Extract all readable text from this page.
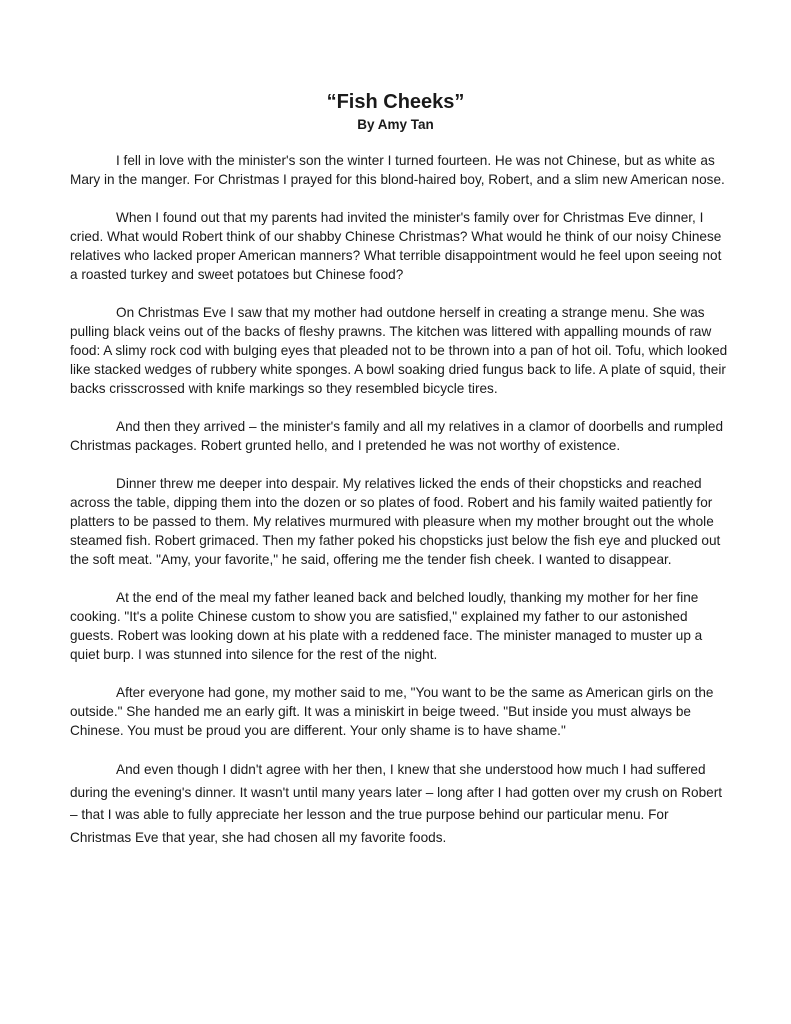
“Fish Cheeks”
By Amy Tan

I fell in love with the minister's son the winter I turned fourteen. He was not Chinese, but as white as Mary in the manger. For Christmas I prayed for this blond-haired boy, Robert, and a slim new American nose.

When I found out that my parents had invited the minister's family over for Christmas Eve dinner, I cried. What would Robert think of our shabby Chinese Christmas? What would he think of our noisy Chinese relatives who lacked proper American manners? What terrible disappointment would he feel upon seeing not a roasted turkey and sweet potatoes but Chinese food?

On Christmas Eve I saw that my mother had outdone herself in creating a strange menu. She was pulling black veins out of the backs of fleshy prawns. The kitchen was littered with appalling mounds of raw food: A slimy rock cod with bulging eyes that pleaded not to be thrown into a pan of hot oil. Tofu, which looked like stacked wedges of rubbery white sponges. A bowl soaking dried fungus back to life. A plate of squid, their backs crisscrossed with knife markings so they resembled bicycle tires.

And then they arrived – the minister's family and all my relatives in a clamor of doorbells and rumpled Christmas packages. Robert grunted hello, and I pretended he was not worthy of existence.

Dinner threw me deeper into despair. My relatives licked the ends of their chopsticks and reached across the table, dipping them into the dozen or so plates of food. Robert and his family waited patiently for platters to be passed to them. My relatives murmured with pleasure when my mother brought out the whole steamed fish. Robert grimaced. Then my father poked his chopsticks just below the fish eye and plucked out the soft meat. "Amy, your favorite," he said, offering me the tender fish cheek. I wanted to disappear.

At the end of the meal my father leaned back and belched loudly, thanking my mother for her fine cooking. "It's a polite Chinese custom to show you are satisfied," explained my father to our astonished guests. Robert was looking down at his plate with a reddened face. The minister managed to muster up a quiet burp. I was stunned into silence for the rest of the night.

After everyone had gone, my mother said to me, "You want to be the same as American girls on the outside." She handed me an early gift. It was a miniskirt in beige tweed. "But inside you must always be Chinese. You must be proud you are different. Your only shame is to have shame."

And even though I didn't agree with her then, I knew that she understood how much I had suffered during the evening's dinner. It wasn't until many years later – long after I had gotten over my crush on Robert – that I was able to fully appreciate her lesson and the true purpose behind our particular menu. For Christmas Eve that year, she had chosen all my favorite foods.
